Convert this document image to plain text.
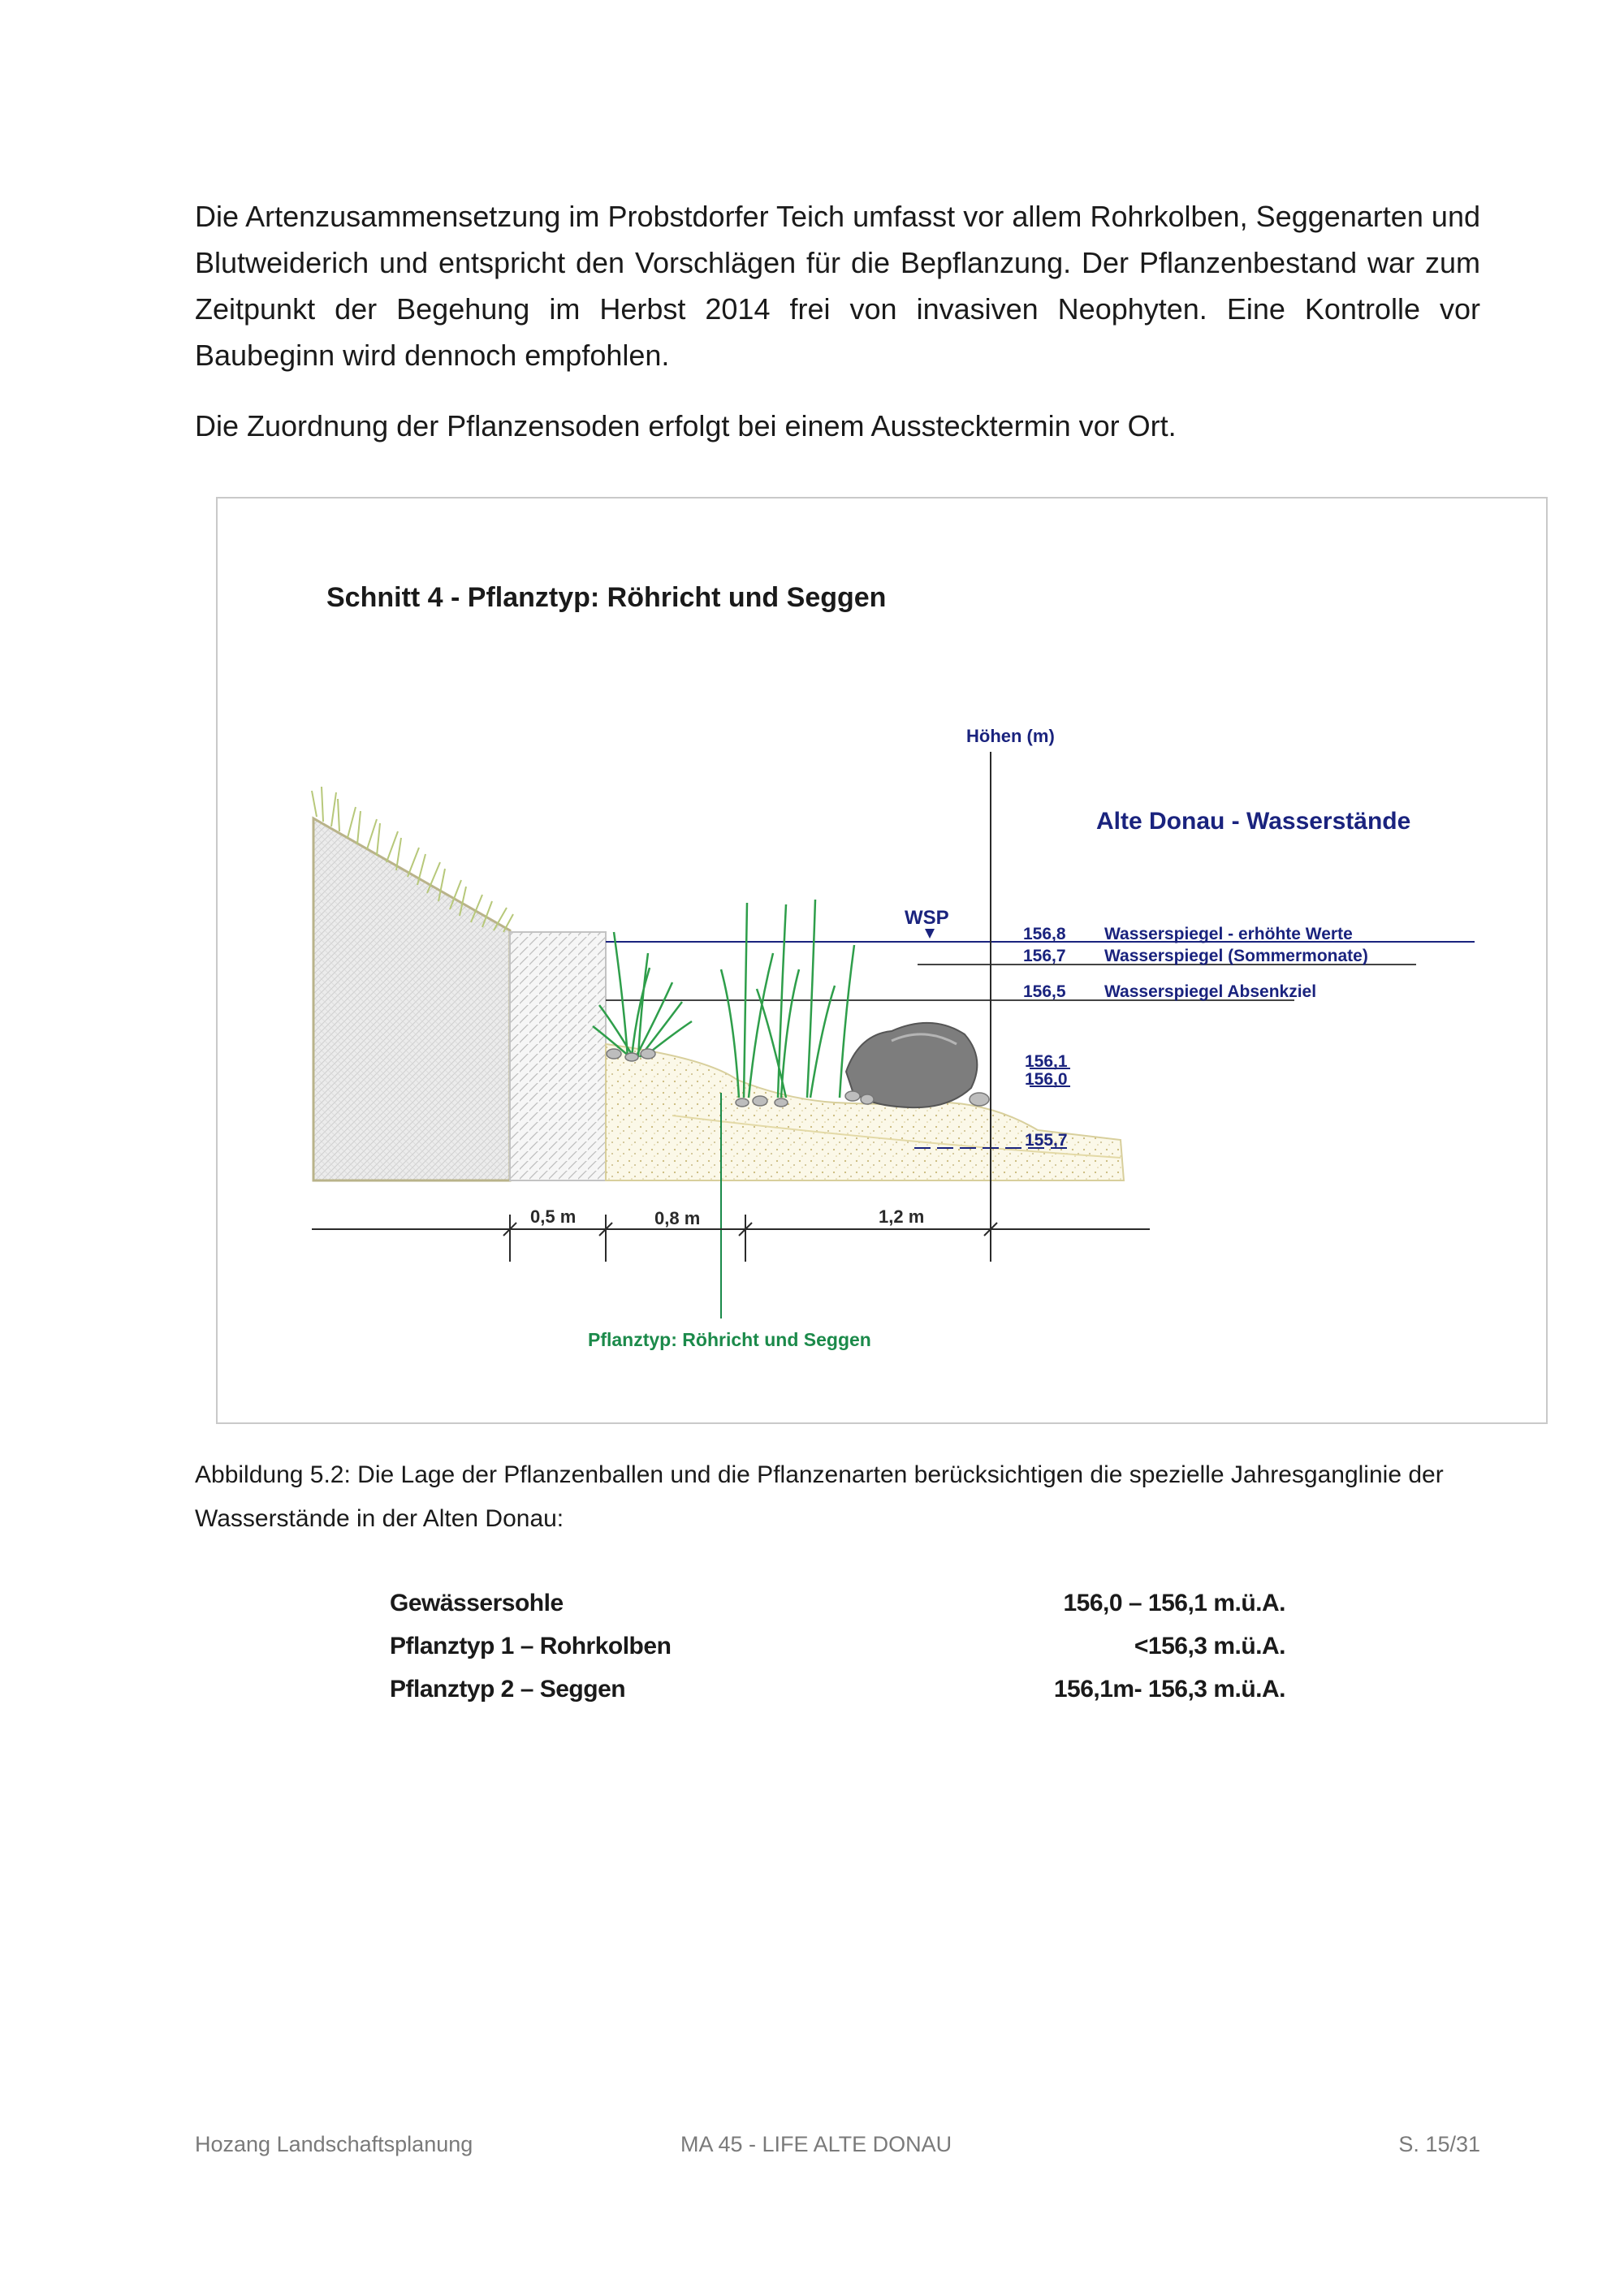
Die Artenzusammensetzung im Probstdorfer Teich umfasst vor allem Rohrkolben, Seggenarten und Blutweiderich und entspricht den Vorschlägen für die Bepflanzung. Der Pflanzenbestand war zum Zeitpunkt der Begehung im Herbst 2014 frei von invasiven Neophyten. Eine Kontrolle vor Baubeginn wird dennoch empfohlen.

Die Zuordnung der Pflanzensoden erfolgt bei einem Ausstecktermin vor Ort.

Schnitt 4 - Pflanztyp: Röhricht und Seggen
Höhen (m)
Alte Donau - Wasserstände
WSP
156,8 Wasserspiegel - erhöhte Werte
156,7 Wasserspiegel (Sommermonate)
156,5 Wasserspiegel Absenkziel
156,1
156,0
155,7
0,5 m	0,8 m	1,2 m
Pflanztyp: Röhricht und Seggen

Abbildung 5.2: Die Lage der Pflanzenballen und die Pflanzenarten berücksichtigen die spezielle Jahresganglinie der Wasserstände in der Alten Donau:

Gewässersohle	156,0 – 156,1 m.ü.A.
Pflanztyp 1 – Rohrkolben	<156,3 m.ü.A.
Pflanztyp 2 – Seggen	156,1m- 156,3 m.ü.A.
Hozang Landschaftsplanung	MA 45 - LIFE ALTE DONAU	S. 15/31
